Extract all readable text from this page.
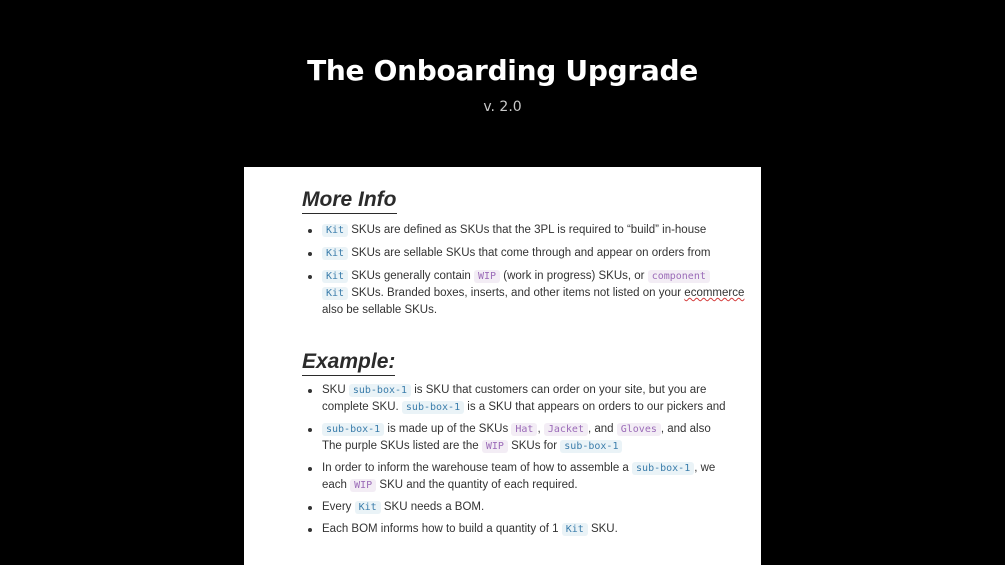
The Onboarding Upgrade
v. 2.0
More Info
Kit SKUs are defined as SKUs that the 3PL is required to “build” in-house
Kit SKUs are sellable SKUs that come through and appear on orders from
Kit SKUs generally contain WIP (work in progress) SKUs, or component
Kit SKUs. Branded boxes, inserts, and other items not listed on your ecommerce
also be sellable SKUs.
Example:
SKU sub-box-1 is SKU that customers can order on your site, but you are
complete SKU. sub-box-1 is a SKU that appears on orders to our pickers and
sub-box-1 is made up of the SKUs Hat , Jacket , and Gloves , and also
The purple SKUs listed are the WIP SKUs for sub-box-1
In order to inform the warehouse team of how to assemble a sub-box-1 , we
each WIP SKU and the quantity of each required.
Every Kit SKU needs a BOM.
Each BOM informs how to build a quantity of 1 Kit SKU.
